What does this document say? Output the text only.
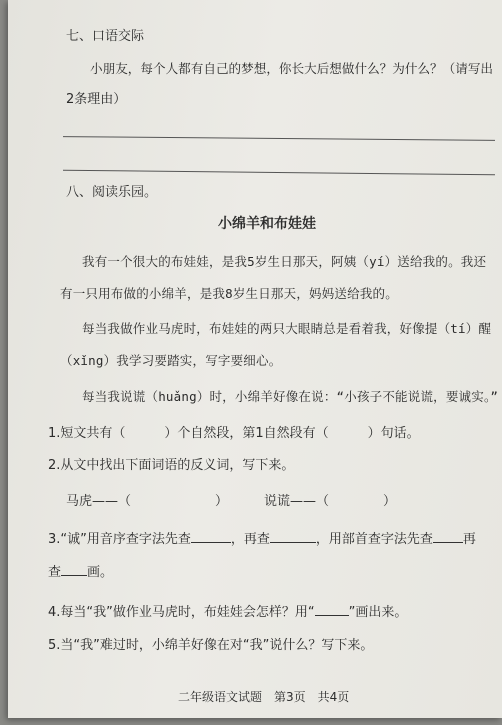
七、口语交际
小朋友，每个人都有自己的梦想，你长大后想做什么？为什么？（请写出
2条理由）
八、阅读乐园。
小绵羊和布娃娃
我有一个很大的布娃娃，是我5岁生日那天，阿姨（yí）送给我的。我还
有一只用布做的小绵羊，是我8岁生日那天，妈妈送给我的。
每当我做作业马虎时，布娃娃的两只大眼睛总是看着我，好像提（tí）醒
（xǐng）我学习要踏实，写字要细心。
每当我说谎（huǎng）时，小绵羊好像在说：“小孩子不能说谎，要诚实。”
1.短文共有（　　　）个自然段，第1自然段有（　　　）句话。
2.从文中找出下面词语的反义词，写下来。
马虎——（	）	说谎——（	）
3.“诚”用音序查字法先查	，再查	，用部首查字法先查 再
查 画。
4.每当“我”做作业马虎时，布娃娃会怎样？用“	”画出来。
5.当“我”难过时，小绵羊好像在对“我”说什么？写下来。
二年级语文试题　第3页　共4页
